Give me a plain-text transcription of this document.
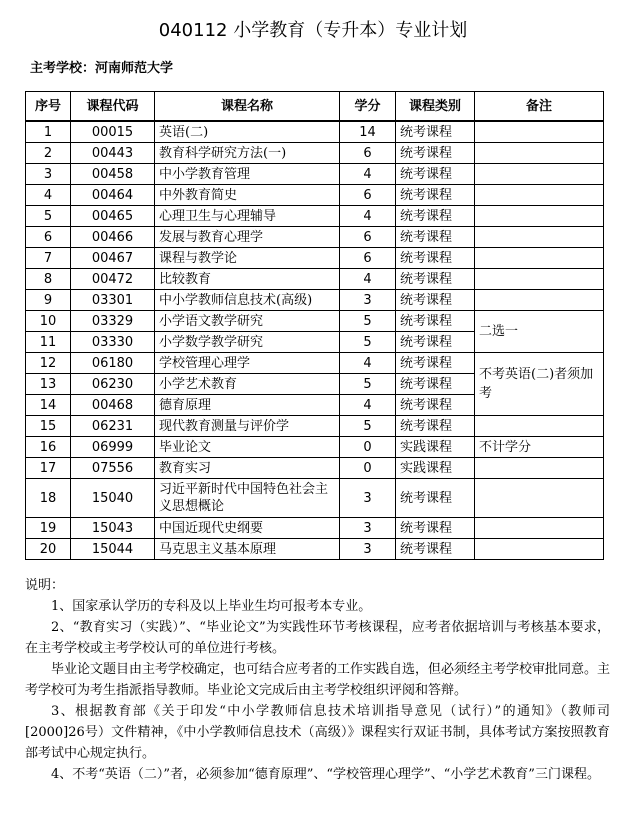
040112 小学教育（专升本）专业计划
主考学校：河南师范大学
序号	课程代码	课程名称	学分	课程类别	备注
1	00015	英语(二)	14	统考课程	
2	00443	教育科学研究方法(一)	6	统考课程	
3	00458	中小学教育管理	4	统考课程	
4	00464	中外教育简史	6	统考课程	
5	00465	心理卫生与心理辅导	4	统考课程	
6	00466	发展与教育心理学	6	统考课程	
7	00467	课程与教学论	6	统考课程	
8	00472	比较教育	4	统考课程	
9	03301	中小学教师信息技术(高级)	3	统考课程	
10	03329	小学语文教学研究	5	统考课程	二选一
11	03330	小学数学教学研究	5	统考课程	
12	06180	学校管理心理学	4	统考课程	不考英语(二)者须加考
13	06230	小学艺术教育	5	统考课程	
14	00468	德育原理	4	统考课程	
15	06231	现代教育测量与评价学	5	统考课程	
16	06999	毕业论文	0	实践课程	不计学分
17	07556	教育实习	0	实践课程	
18	15040	习近平新时代中国特色社会主义思想概论	3	统考课程	
19	15043	中国近现代史纲要	3	统考课程	
20	15044	马克思主义基本原理	3	统考课程	
说明：

1、国家承认学历的专科及以上毕业生均可报考本专业。

2、“教育实习（实践）”、“毕业论文”为实践性环节考核课程，应考者依据培训与考核基本要求，在主考学校或主考学校认可的单位进行考核。

毕业论文题目由主考学校确定，也可结合应考者的工作实践自选，但必须经主考学校审批同意。主考学校可为考生指派指导教师。毕业论文完成后由主考学校组织评阅和答辩。

3、根据教育部《关于印发“中小学教师信息技术培训指导意见（试行）”的通知》（教师司[2000]26号）文件精神，《中小学教师信息技术（高级）》课程实行双证书制，具体考试方案按照教育部考试中心规定执行。

4、不考“英语（二）”者，必须参加“德育原理”、“学校管理心理学”、“小学艺术教育”三门课程。
